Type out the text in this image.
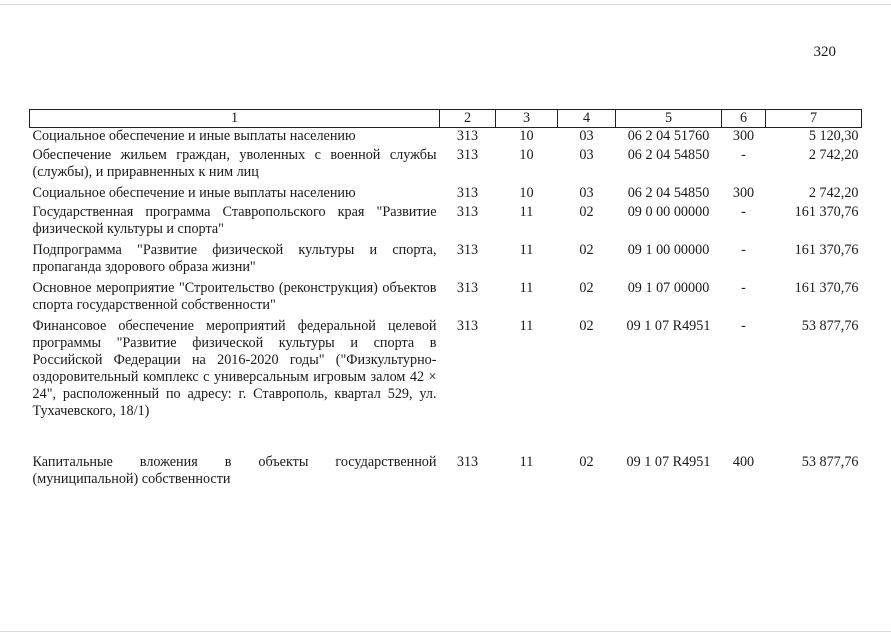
320
1	2	3	4	5	6	7
Социальное обеспечение и иные выплаты населению	313	10	03	06 2 04 51760	300	5 120,30
Обеспечение жильем граждан, уволенных с военной службы (службы), и приравненных к ним лиц	313	10	03	06 2 04 54850	-	2 742,20
Социальное обеспечение и иные выплаты населению	313	10	03	06 2 04 54850	300	2 742,20
Государственная программа Ставропольского края "Развитие физической культуры и спорта"	313	11	02	09 0 00 00000	-	161 370,76
Подпрограмма "Развитие физической культуры и спорта, пропаганда здорового образа жизни"	313	11	02	09 1 00 00000	-	161 370,76
Основное мероприятие "Строительство (реконструкция) объектов спорта государственной собственности"	313	11	02	09 1 07 00000	-	161 370,76
Финансовое обеспечение мероприятий федеральной целевой программы "Развитие физической культуры и спорта в Российской Федерации на 2016-2020 годы" ("Физкультурно-оздоровительный комплекс с универсальным игровым залом 42 × 24", расположенный по адресу: г. Ставрополь, квартал 529, ул. Тухачевского, 18/1)	313	11	02	09 1 07 R4951	-	53 877,76
Капитальные вложения в объекты государственной (муниципальной) собственности	313	11	02	09 1 07 R4951	400	53 877,76
